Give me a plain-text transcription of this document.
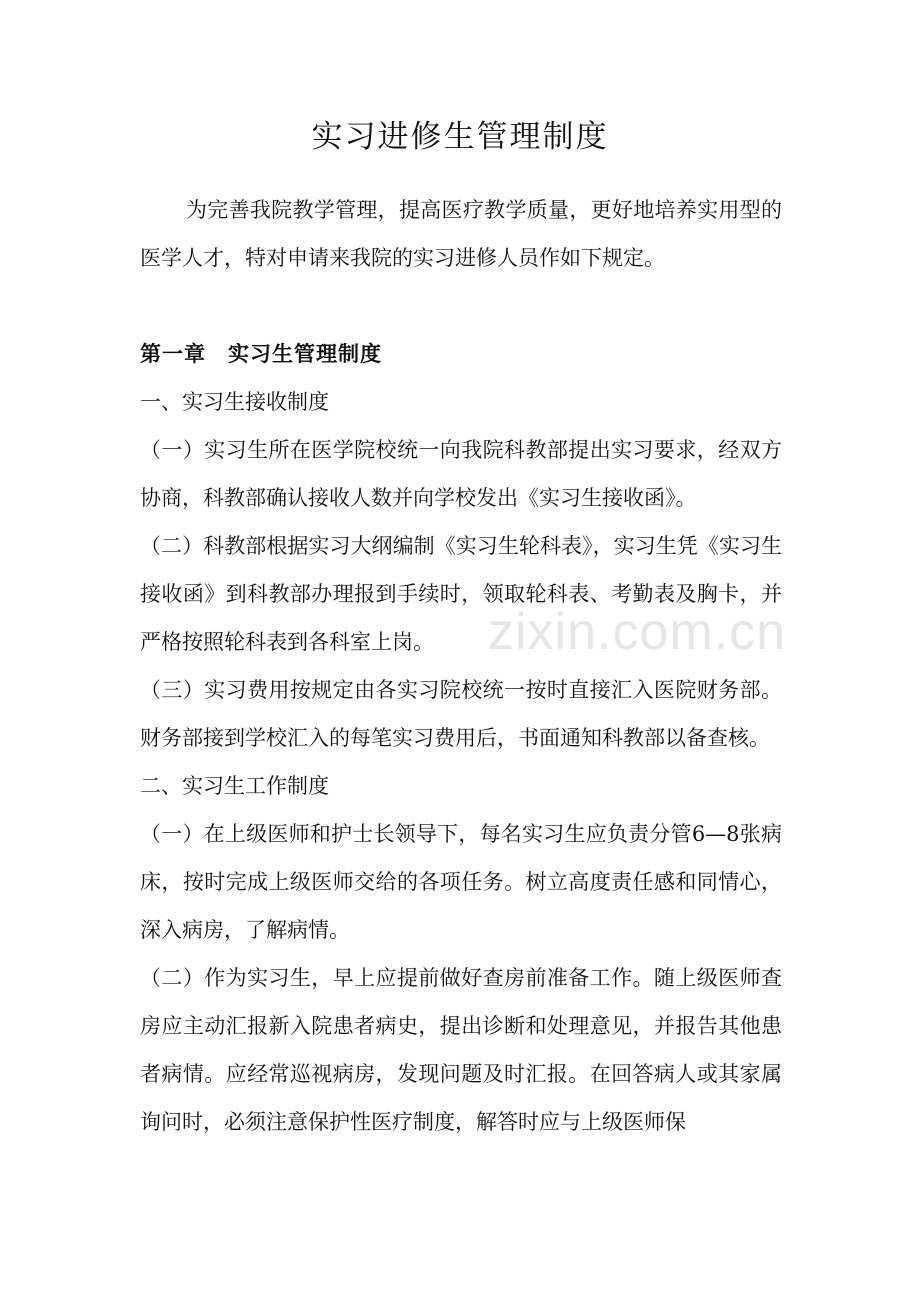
实习进修生管理制度

为完善我院教学管理，提高医疗教学质量，更好地培养实用型的医学人才，特对申请来我院的实习进修人员作如下规定。

第一章　实习生管理制度

一、实习生接收制度

（一）实习生所在医学院校统一向我院科教部提出实习要求，经双方协商，科教部确认接收人数并向学校发出《实习生接收函》。

（二）科教部根据实习大纲编制《实习生轮科表》，实习生凭《实习生接收函》到科教部办理报到手续时，领取轮科表、考勤表及胸卡，并严格按照轮科表到各科室上岗。

（三）实习费用按规定由各实习院校统一按时直接汇入医院财务部。财务部接到学校汇入的每笔实习费用后，书面通知科教部以备查核。

二、实习生工作制度

（一）在上级医师和护士长领导下，每名实习生应负责分管6—8张病床，按时完成上级医师交给的各项任务。树立高度责任感和同情心，深入病房，了解病情。

（二）作为实习生，早上应提前做好查房前准备工作。随上级医师查房应主动汇报新入院患者病史，提出诊断和处理意见，并报告其他患者病情。应经常巡视病房，发现问题及时汇报。在回答病人或其家属询问时，必须注意保护性医疗制度，解答时应与上级医师保

zixin.com.cn
